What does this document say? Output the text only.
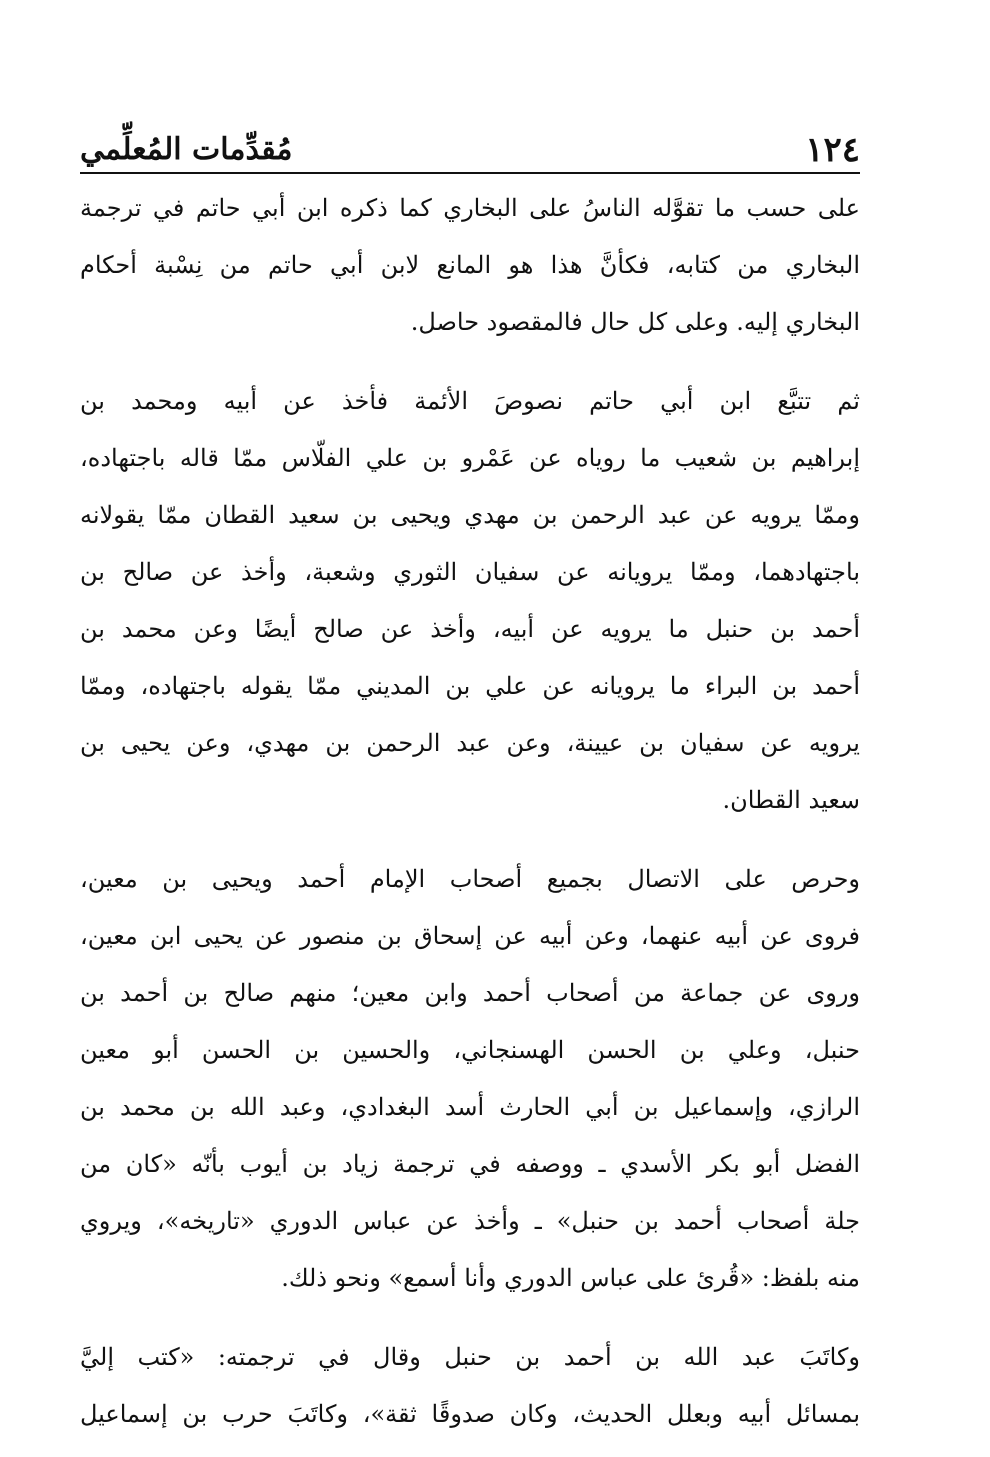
١٢٤
مُقدِّمات المُعلِّمي
على حسب ما تقوَّله الناسُ على البخاري كما ذكره ابن أبي حاتم في ترجمة
البخاري من كتابه، فكأنَّ هذا هو المانع لابن أبي حاتم من نِسْبة أحكام
البخاري إليه. وعلى كل حال فالمقصود حاصل.
ثم تتبَّع ابن أبي حاتم نصوصَ الأئمة فأخذ عن أبيه ومحمد بن
إبراهيم بن شعيب ما روياه عن عَمْرو بن علي الفلّاس ممّا قاله باجتهاده،
وممّا يرويه عن عبد الرحمن بن مهدي ويحيى بن سعيد القطان ممّا يقولانه
باجتهادهما، وممّا يرويانه عن سفيان الثوري وشعبة، وأخذ عن صالح بن
أحمد بن حنبل ما يرويه عن أبيه، وأخذ عن صالح أيضًا وعن محمد بن
أحمد بن البراء ما يرويانه عن علي بن المديني ممّا يقوله باجتهاده، وممّا
يرويه عن سفيان بن عيينة، وعن عبد الرحمن بن مهدي، وعن يحيى بن
سعيد القطان.
وحرص على الاتصال بجميع أصحاب الإمام أحمد ويحيى بن معين،
فروى عن أبيه عنهما، وعن أبيه عن إسحاق بن منصور عن يحيى ابن معين،
وروى عن جماعة من أصحاب أحمد وابن معين؛ منهم صالح بن أحمد بن
حنبل، وعلي بن الحسن الهسنجاني، والحسين بن الحسن أبو معين
الرازي، وإسماعيل بن أبي الحارث أسد البغدادي، وعبد الله بن محمد بن
الفضل أبو بكر الأسدي ـ ووصفه في ترجمة زياد بن أيوب بأنّه «كان من
جلة أصحاب أحمد بن حنبل» ـ وأخذ عن عباس الدوري «تاريخه»، ويروي
منه بلفظ: «قُرئ على عباس الدوري وأنا أسمع» ونحو ذلك.
وكاتَبَ عبد الله بن أحمد بن حنبل وقال في ترجمته: «كتب إليَّ
بمسائل أبيه وبعلل الحديث، وكان صدوقًا ثقة»، وكاتَبَ حرب بن إسماعيل
